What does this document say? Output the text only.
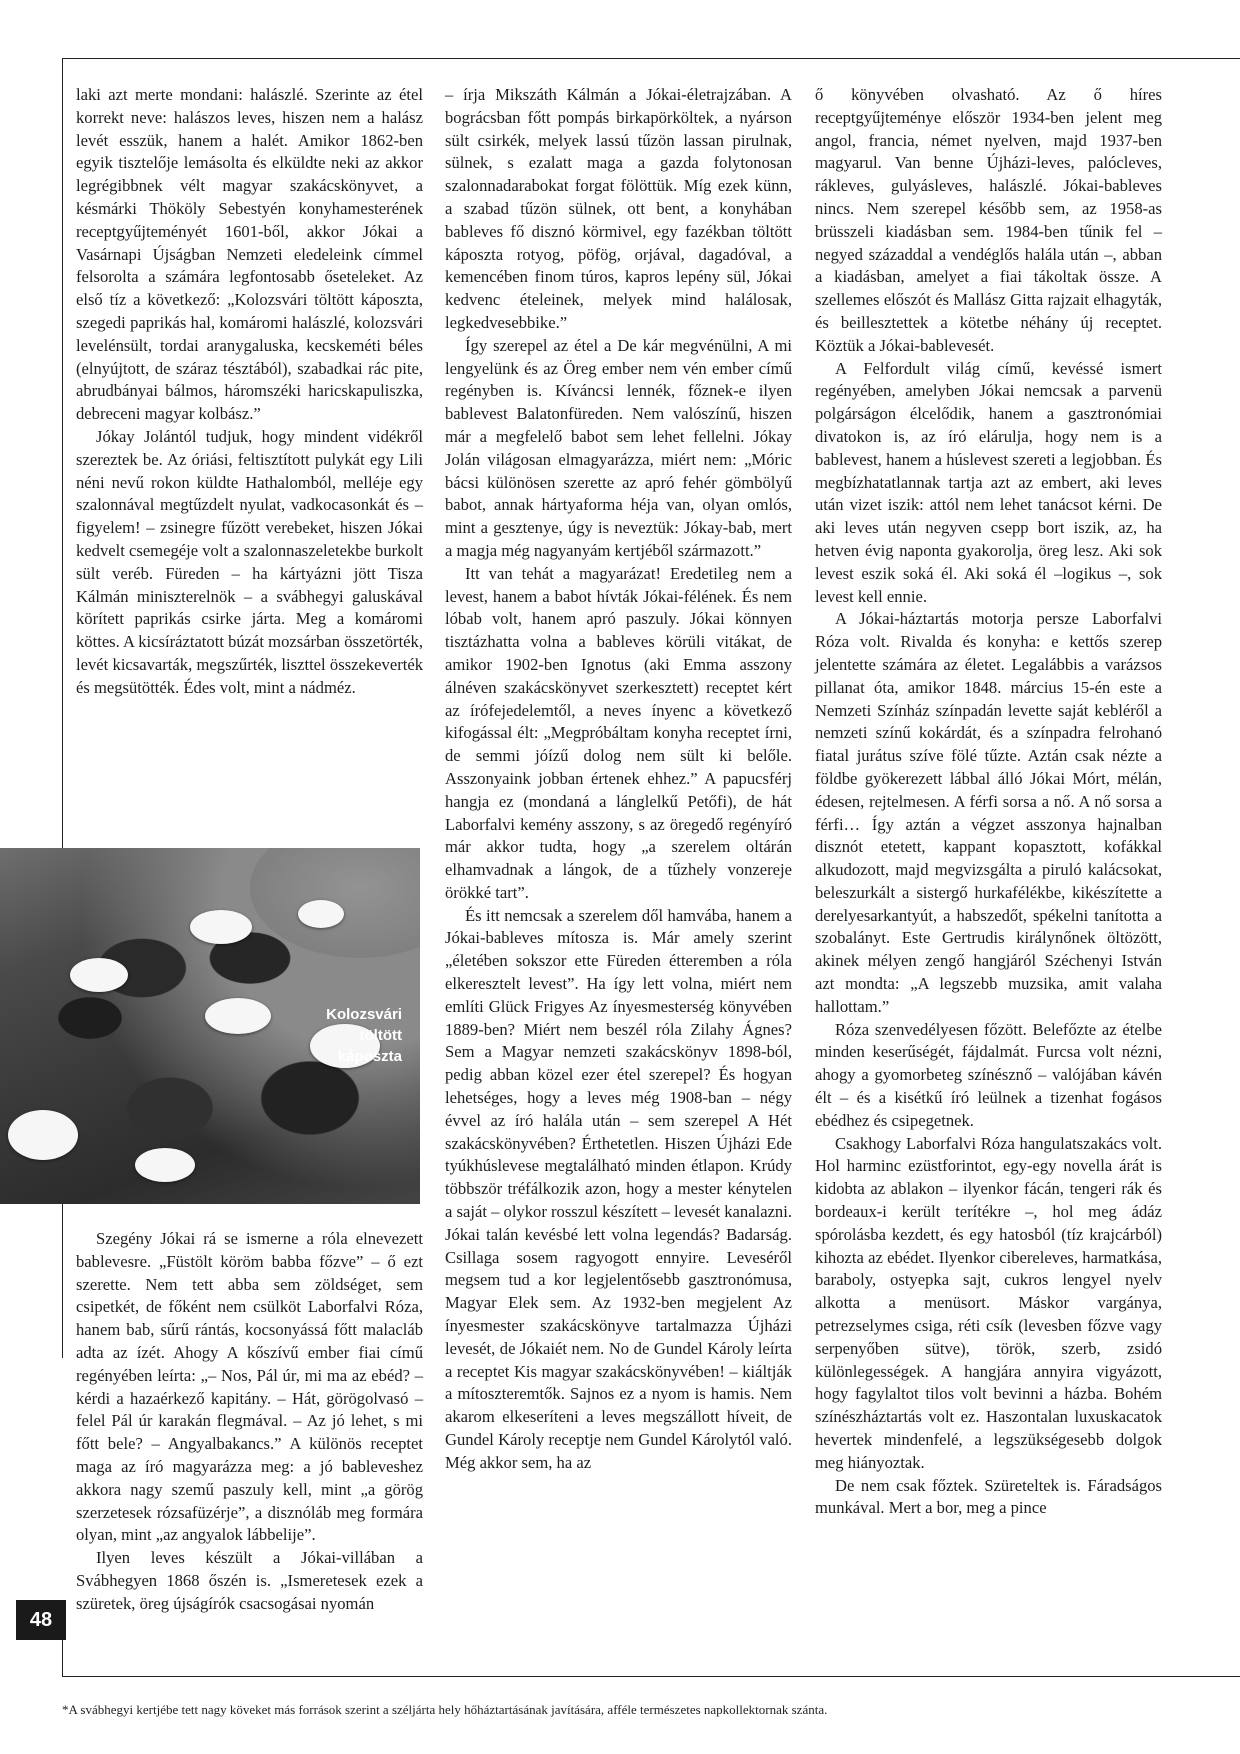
laki azt merte mondani: halászlé. Szerinte az étel korrekt neve: halászos leves, hiszen nem a halász levét esszük, hanem a halét. Amikor 1862-ben egyik tisztelője lemásolta és elküldte neki az akkor legrégibbnek vélt magyar szakácskönyvet, a késmárki Thököly Sebestyén konyhamesterének receptgyűjteményét 1601-ből, akkor Jókai a Vasárnapi Újságban Nemzeti eledeleink címmel felsorolta a számára legfontosabb őseteleket. Az első tíz a következő: „Kolozsvári töltött káposzta, szegedi paprikás hal, komáromi halászlé, kolozsvári levelénsült, tordai aranygaluska, kecskeméti béles (elnyújtott, de száraz tésztából), szabadkai rác pite, abrudbányai bálmos, háromszéki haricskapuliszka, debreceni magyar kolbász.”

Jókay Jolántól tudjuk, hogy mindent vidékről szereztek be. Az óriási, feltisztított pulykát egy Lili néni nevű rokon küldte Hathalomból, melléje egy szalonnával megtűzdelt nyulat, vadkocasonkát és – figyelem! – zsinegre fűzött verebeket, hiszen Jókai kedvelt csemegéje volt a szalonnaszeletekbe burkolt sült veréb. Füreden – ha kártyázni jött Tisza Kálmán miniszterelnök – a svábhegyi galuskával körített paprikás csirke járta. Meg a komáromi köttes. A kicsíráztatott búzát mozsárban összetörték, levét kicsavarták, megszűrték, liszttel összekeverték és megsütötték. Édes volt, mint a nádméz.

Kolozsvári
töltött
káposzta

Szegény Jókai rá se ismerne a róla elnevezett bablevesre. „Füstölt köröm babba főzve” – ő ezt szerette. Nem tett abba sem zöldséget, sem csipetkét, de főként nem csülköt Laborfalvi Róza, hanem bab, sűrű rántás, kocsonyássá főtt malacláb adta az ízét. Ahogy A kőszívű ember fiai című regényében leírta: „– Nos, Pál úr, mi ma az ebéd? – kérdi a hazaérkező kapitány. – Hát, görögolvasó – felel Pál úr karakán flegmával. – Az jó lehet, s mi főtt bele? – Angyalbakancs.” A különös receptet maga az író magyarázza meg: a jó bableveshez akkora nagy szemű paszuly kell, mint „a görög szerzetesek rózsafüzérje”, a disznóláb meg formára olyan, mint „az angyalok lábbelije”.

Ilyen leves készült a Jókai-villában a Svábhegyen 1868 őszén is. „Ismeretesek ezek a szüretek, öreg újságírók csacsogásai nyomán

– írja Mikszáth Kálmán a Jókai-életrajzában. A bográcsban főtt pompás birkapörköltek, a nyárson sült csirkék, melyek lassú tűzön lassan pirulnak, sülnek, s ezalatt maga a gazda folytonosan szalonnadarabokat forgat fölöttük. Míg ezek künn, a szabad tűzön sülnek, ott bent, a konyhában bableves fő disznó körmivel, egy fazékban töltött káposzta rotyog, pöfög, orjával, dagadóval, a kemencében finom túros, kapros lepény sül, Jókai kedvenc ételeinek, melyek mind halálosak, legkedvesebbike.”

Így szerepel az étel a De kár megvénülni, A mi lengyelünk és az Öreg ember nem vén ember című regényben is. Kíváncsi lennék, főznek-e ilyen bablevest Balatonfüreden. Nem valószínű, hiszen már a megfelelő babot sem lehet fellelni. Jókay Jolán világosan elmagyarázza, miért nem: „Móric bácsi különösen szerette az apró fehér gömbölyű babot, annak hártyaforma héja van, olyan omlós, mint a gesztenye, úgy is neveztük: Jókay-bab, mert a magja még nagyanyám kertjéből származott.”

Itt van tehát a magyarázat! Eredetileg nem a levest, hanem a babot hívták Jókai-félének. És nem lóbab volt, hanem apró paszuly. Jókai könnyen tisztázhatta volna a bableves körüli vitákat, de amikor 1902-ben Ignotus (aki Emma asszony álnéven szakácskönyvet szerkesztett) receptet kért az írófejedelemtől, a neves ínyenc a következő kifogással élt: „Megpróbáltam konyha receptet írni, de semmi jóízű dolog nem sült ki belőle. Asszonyaink jobban értenek ehhez.” A papucsférj hangja ez (mondaná a lánglelkű Petőfi), de hát Laborfalvi kemény asszony, s az öregedő regényíró már akkor tudta, hogy „a szerelem oltárán elhamvadnak a lángok, de a tűzhely vonzereje örökké tart”.

És itt nemcsak a szerelem dől hamvába, hanem a Jókai-bableves mítosza is. Már amely szerint „életében sokszor ette Füreden étteremben a róla elkeresztelt levest”. Ha így lett volna, miért nem említi Glück Frigyes Az ínyesmesterség könyvében 1889-ben? Miért nem beszél róla Zilahy Ágnes? Sem a Magyar nemzeti szakácskönyv 1898-ból, pedig abban közel ezer étel szerepel? És hogyan lehetséges, hogy a leves még 1908-ban – négy évvel az író halála után – sem szerepel A Hét szakácskönyvében? Érthetetlen. Hiszen Újházi Ede tyúkhúslevese megtalálható minden étlapon. Krúdy többször tréfálkozik azon, hogy a mester kénytelen a saját – olykor rosszul készített – levesét kanalazni. Jókai talán kevésbé lett volna legendás? Badarság. Csillaga sosem ragyogott ennyire. Leveséről megsem tud a kor legjelentősebb gasztronómusa, Magyar Elek sem. Az 1932-ben megjelent Az ínyesmester szakácskönyve tartalmazza Újházi levesét, de Jókaiét nem. No de Gundel Károly leírta a receptet Kis magyar szakácskönyvében! – kiáltják a mítoszteremtők. Sajnos ez a nyom is hamis. Nem akarom elkeseríteni a leves megszállott híveit, de Gundel Károly receptje nem Gundel Károlytól való. Még akkor sem, ha az

ő könyvében olvasható. Az ő híres receptgyűjteménye először 1934-ben jelent meg angol, francia, német nyelven, majd 1937-ben magyarul. Van benne Újházi-leves, palócleves, rákleves, gulyásleves, halászlé. Jókai-bableves nincs. Nem szerepel később sem, az 1958-as brüsszeli kiadásban sem. 1984-ben tűnik fel – negyed századdal a vendéglős halála után –, abban a kiadásban, amelyet a fiai tákoltak össze. A szellemes előszót és Mallász Gitta rajzait elhagyták, és beillesztettek a kötetbe néhány új receptet. Köztük a Jókai-bablevesét.

A Felfordult világ című, kevéssé ismert regényében, amelyben Jókai nemcsak a parvenü polgárságon élcelődik, hanem a gasztronómiai divatokon is, az író elárulja, hogy nem is a bablevest, hanem a húslevest szereti a legjobban. És megbízhatatlannak tartja azt az embert, aki leves után vizet iszik: attól nem lehet tanácsot kérni. De aki leves után negyven csepp bort iszik, az, ha hetven évig naponta gyakorolja, öreg lesz. Aki sok levest eszik soká él. Aki soká él –logikus –, sok levest kell ennie.

A Jókai-háztartás motorja persze Laborfalvi Róza volt. Rivalda és konyha: e kettős szerep jelentette számára az életet. Legalábbis a varázsos pillanat óta, amikor 1848. március 15-én este a Nemzeti Színház színpadán levette saját kebléről a nemzeti színű kokárdát, és a színpadra felrohanó fiatal jurátus szíve fölé tűzte. Aztán csak nézte a földbe gyökerezett lábbal álló Jókai Mórt, mélán, édesen, rejtelmesen. A férfi sorsa a nő. A nő sorsa a férfi… Így aztán a végzet asszonya hajnalban disznót etetett, kappant kopasztott, kofákkal alkudozott, majd megvizsgálta a piruló kalácsokat, beleszurkált a sistergő hurkafélékbe, kikészítette a derelyesarkantyút, a habszedőt, spékelni tanította a szobalányt. Este Gertrudis királynőnek öltözött, akinek mélyen zengő hangjáról Széchenyi István azt mondta: „A legszebb muzsika, amit valaha hallottam.”

Róza szenvedélyesen főzött. Belefőzte az ételbe minden keserűségét, fájdalmát. Furcsa volt nézni, ahogy a gyomorbeteg színésznő – valójában kávén élt – és a kisétkű író leülnek a tizenhat fogásos ebédhez és csipegetnek.

Csakhogy Laborfalvi Róza hangulatszakács volt. Hol harminc ezüstforintot, egy-egy novella árát is kidobta az ablakon – ilyenkor fácán, tengeri rák és bordeaux-i került terítékre –, hol meg ádáz spórolásba kezdett, és egy hatosból (tíz krajcárból) kihozta az ebédet. Ilyenkor cibereleves, harmatkása, baraboly, ostyepka sajt, cukros lengyel nyelv alkotta a menüsort. Máskor vargánya, petrezselymes csiga, réti csík (levesben főzve vagy serpenyőben sütve), török, szerb, zsidó különlegességek. A hangjára annyira vigyázott, hogy fagylaltot tilos volt bevinni a házba. Bohém színészháztartás volt ez. Haszontalan luxuskacatok hevertek mindenfelé, a legszükségesebb dolgok meg hiányoztak.

De nem csak főztek. Szüreteltek is. Fáradságos munkával. Mert a bor, meg a pince

48
*A svábhegyi kertjébe tett nagy köveket más források szerint a széljárta hely hőháztartásának javítására, afféle természetes napkollektornak szánta.
